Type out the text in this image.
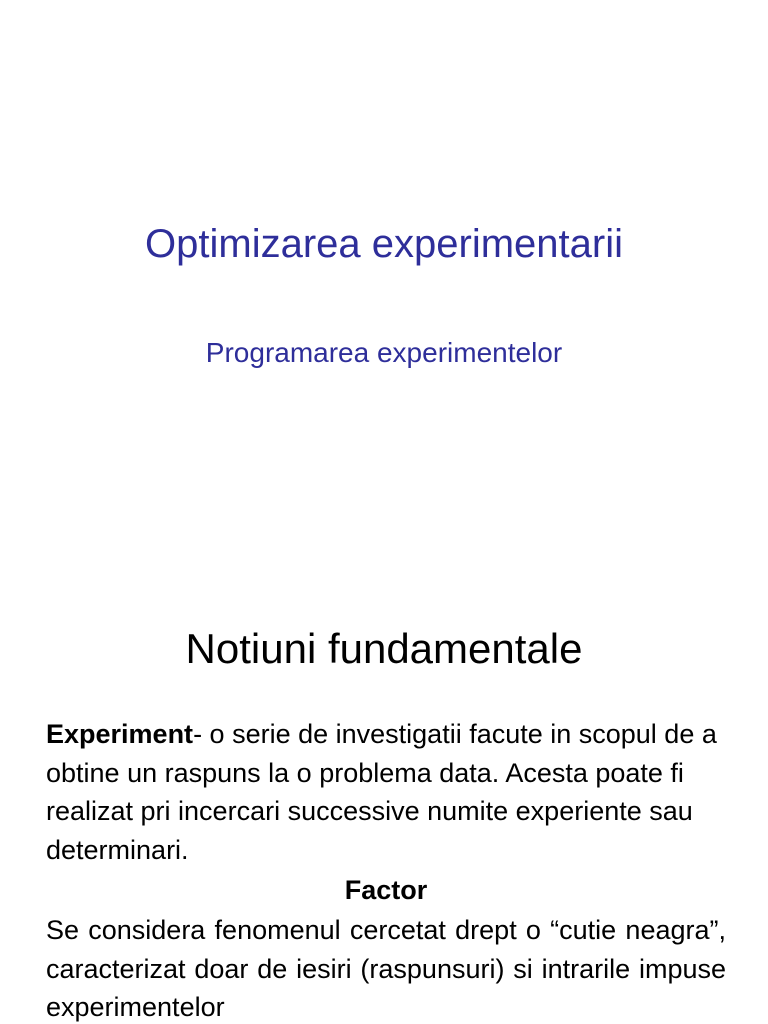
Optimizarea experimentarii
Programarea experimentelor
Notiuni fundamentale

Experiment- o serie de investigatii facute in scopul de a obtine un raspuns la o problema data. Acesta poate fi realizat pri incercari successive numite experiente sau determinari.

Factor

Se considera fenomenul cercetat drept o “cutie neagra”, caracterizat doar de iesiri (raspunsuri) si intrarile impuse experimentelor
